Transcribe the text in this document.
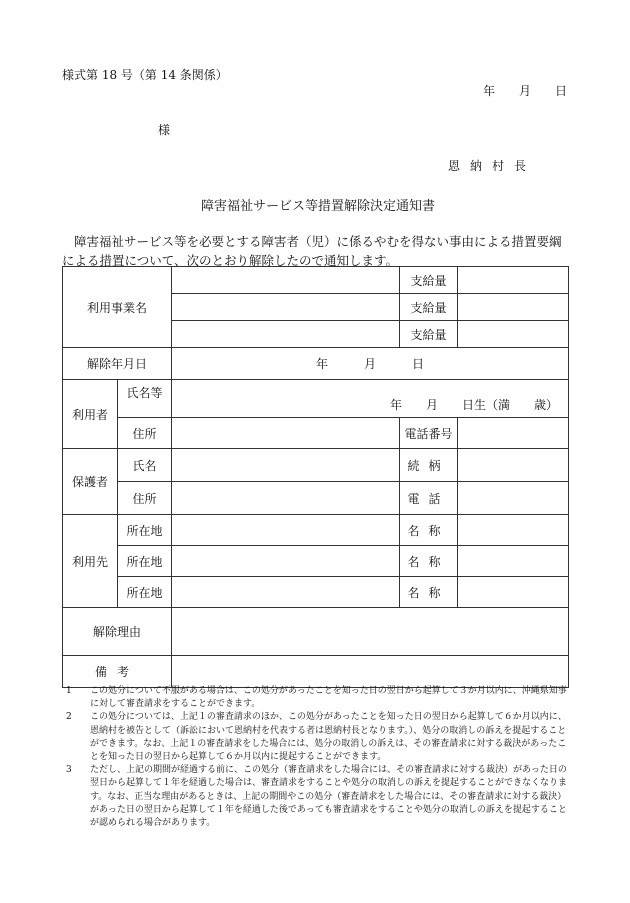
様式第 18 号（第 14 条関係）
年　　月　　日
様
恩納村長
障害福祉サービス等措置解除決定通知書
障害福祉サービス等を必要とする障害者（児）に係るやむを得ない事由による措置要綱による措置について、次のとおり解除したので通知します。
利用事業名			支給量	
			支給量	
			支給量	
解除年月日		年　　　月　　　日		
利用者	氏名等	年　　月　　日生（満　　歳）		
	住所		電話番号	
保護者	氏名		続柄	
	住所		電話	
利用先	所在地		名称	
	所在地		名称	
	所在地		名称	
解除理由				
備考				
1 この処分について不服がある場合は、この処分があったことを知った日の翌日から起算して３か月以内に、沖縄県知事に対して審査請求をすることができます。
2 この処分については、上記１の審査請求のほか、この処分があったことを知った日の翌日から起算して６か月以内に、恩納村を被告として（訴訟において恩納村を代表する者は恩納村長となります。）、処分の取消しの訴えを提起することができます。なお、上記１の審査請求をした場合には、処分の取消しの訴えは、その審査請求に対する裁決があったことを知った日の翌日から起算して６か月以内に提起することができます。
3 ただし、上記の期間が経過する前に、この処分（審査請求をした場合には、その審査請求に対する裁決）があった日の翌日から起算して１年を経過した場合は、審査請求をすることや処分の取消しの訴えを提起することができなくなります。なお、正当な理由があるときは、上記の期間やこの処分（審査請求をした場合には、その審査請求に対する裁決）があった日の翌日から起算して１年を経過した後であっても審査請求をすることや処分の取消しの訴えを提起することが認められる場合があります。
